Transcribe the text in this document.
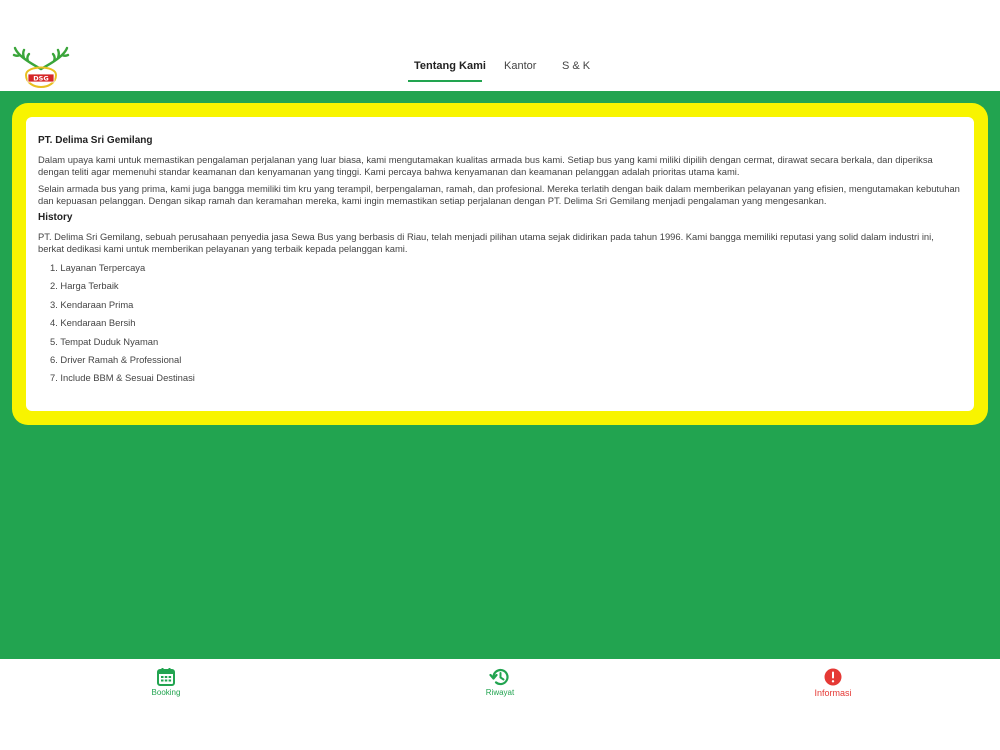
DSG
Tentang Kami Kantor S & K
PT. Delima Sri Gemilang

Dalam upaya kami untuk memastikan pengalaman perjalanan yang luar biasa, kami mengutamakan kualitas armada bus kami. Setiap bus yang kami miliki dipilih dengan cermat, dirawat secara berkala, dan diperiksa dengan teliti agar memenuhi standar keamanan dan kenyamanan yang tinggi. Kami percaya bahwa kenyamanan dan keamanan pelanggan adalah prioritas utama kami.

Selain armada bus yang prima, kami juga bangga memiliki tim kru yang terampil, berpengalaman, ramah, dan profesional. Mereka terlatih dengan baik dalam memberikan pelayanan yang efisien, mengutamakan kebutuhan dan kepuasan pelanggan. Dengan sikap ramah dan keramahan mereka, kami ingin memastikan setiap perjalanan dengan PT. Delima Sri Gemilang menjadi pengalaman yang mengesankan.

History

PT. Delima Sri Gemilang, sebuah perusahaan penyedia jasa Sewa Bus yang berbasis di Riau, telah menjadi pilihan utama sejak didirikan pada tahun 1996. Kami bangga memiliki reputasi yang solid dalam industri ini, berkat dedikasi kami untuk memberikan pelayanan yang terbaik kepada pelanggan kami.

1. Layanan Terpercaya
2. Harga Terbaik
3. Kendaraan Prima
4. Kendaraan Bersih
5. Tempat Duduk Nyaman
6. Driver Ramah & Professional
7. Include BBM & Sesuai Destinasi
Booking	Riwayat	Informasi
